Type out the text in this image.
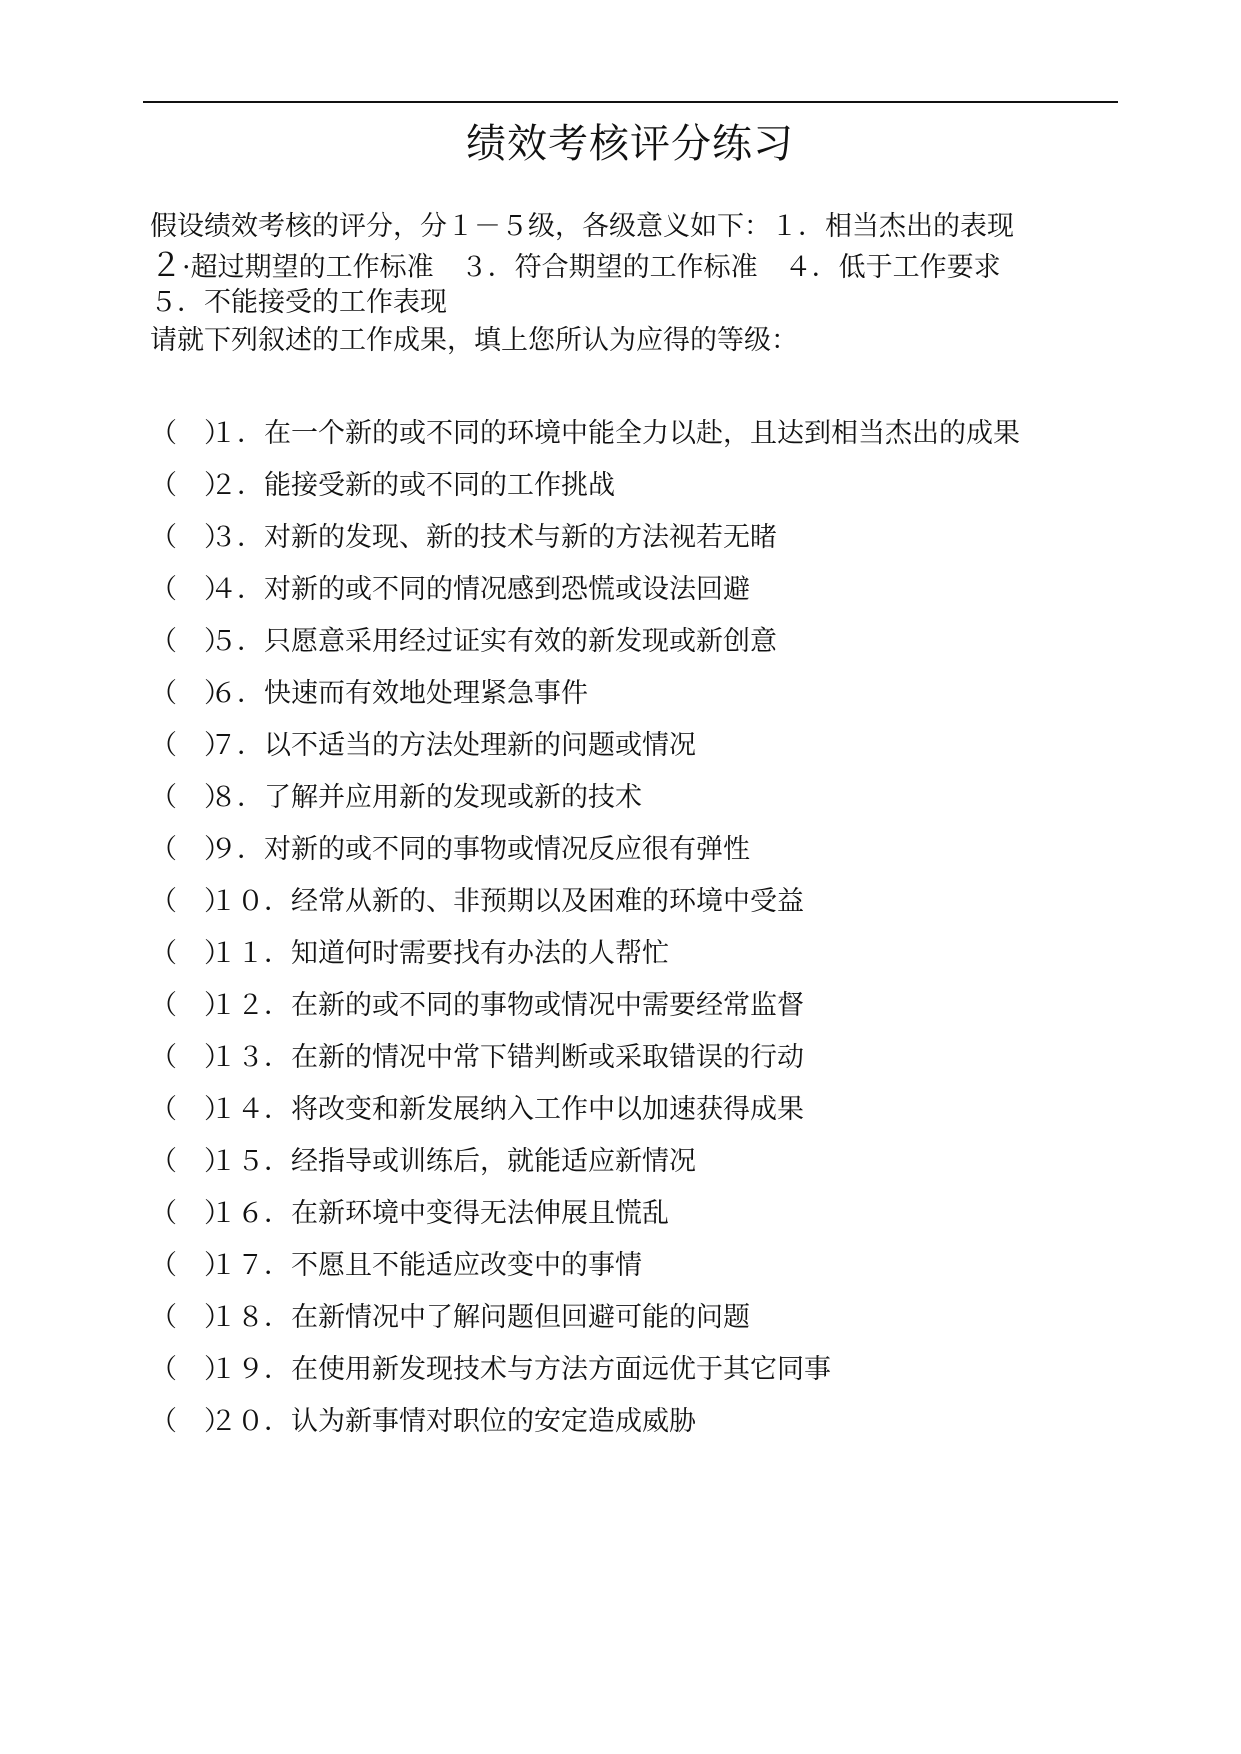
绩效考核评分练习
假设绩效考核的评分，分１－５级，各级意义如下：１．相当杰出的表现
２·超过期望的工作标准　３．符合期望的工作标准　４．低于工作要求
５．不能接受的工作表现
请就下列叙述的工作成果，填上您所认为应得的等级：
（　）１．在一个新的或不同的环境中能全力以赴，且达到相当杰出的成果
（　）２．能接受新的或不同的工作挑战
（　）３．对新的发现、新的技术与新的方法视若无睹
（　）４．对新的或不同的情况感到恐慌或设法回避
（　）５．只愿意采用经过证实有效的新发现或新创意
（　）６．快速而有效地处理紧急事件
（　）７．以不适当的方法处理新的问题或情况
（　）８．了解并应用新的发现或新的技术
（　）９．对新的或不同的事物或情况反应很有弹性
（　）１０．经常从新的、非预期以及困难的环境中受益
（　）１１．知道何时需要找有办法的人帮忙
（　）１２．在新的或不同的事物或情况中需要经常监督
（　）１３．在新的情况中常下错判断或采取错误的行动
（　）１４．将改变和新发展纳入工作中以加速获得成果
（　）１５．经指导或训练后，就能适应新情况
（　）１６．在新环境中变得无法伸展且慌乱
（　）１７．不愿且不能适应改变中的事情
（　）１８．在新情况中了解问题但回避可能的问题
（　）１９．在使用新发现技术与方法方面远优于其它同事
（　）２０．认为新事情对职位的安定造成威胁
